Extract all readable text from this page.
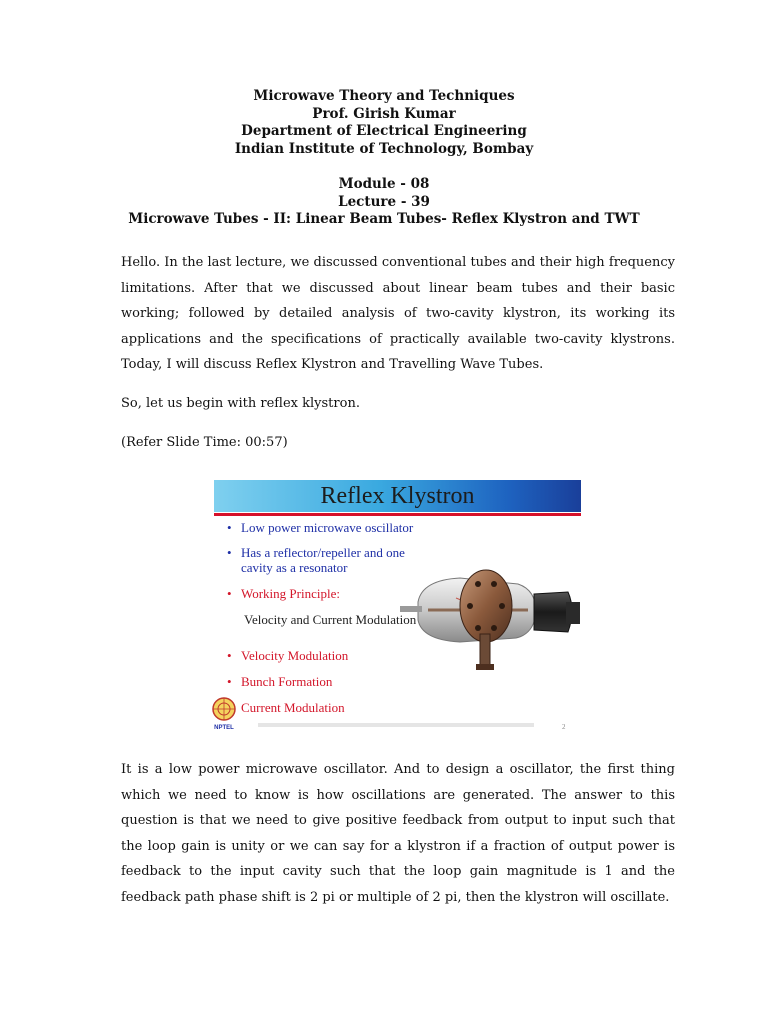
Microwave Theory and Techniques
Prof. Girish Kumar
Department of Electrical Engineering
Indian Institute of Technology, Bombay
Module - 08
Lecture - 39
Microwave Tubes - II: Linear Beam Tubes- Reflex Klystron and TWT
Hello. In the last lecture, we discussed conventional tubes and their high frequency limitations. After that we discussed about linear beam tubes and their basic working; followed by detailed analysis of two-cavity klystron, its working its applications and the specifications of practically available two-cavity klystrons. Today, I will discuss Reflex Klystron and Travelling Wave Tubes.
So, let us begin with reflex klystron.
(Refer Slide Time: 00:57)
Reflex Klystron
• Low power microwave oscillator
• Has a reflector/repeller and one cavity as a resonator
• Working Principle:
Velocity and Current Modulation
• Velocity Modulation
• Bunch Formation
Current Modulation
NPTEL	2
It is a low power microwave oscillator. And to design a oscillator, the first thing which we need to know is how oscillations are generated. The answer to this question is that we need to give positive feedback from output to input such that the loop gain is unity or we can say for a klystron if a fraction of output power is feedback to the input cavity such that the loop gain magnitude is 1 and the feedback path phase shift is 2 pi or multiple of 2 pi, then the klystron will oscillate.
